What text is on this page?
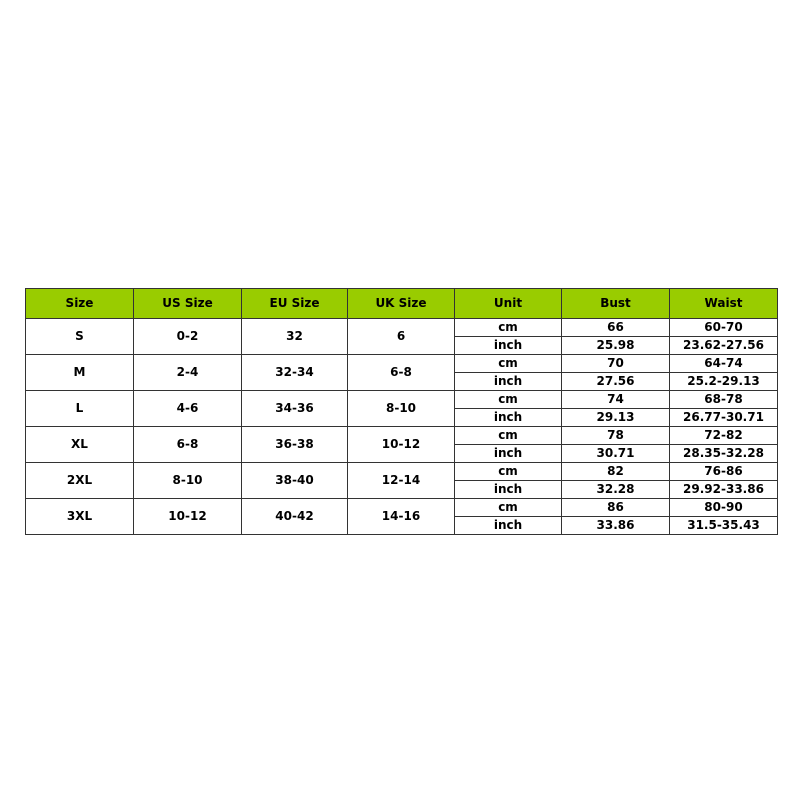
Size	US Size	EU Size	UK Size	Unit	Bust	Waist
S	0-2	32	6	cm	66	60-70
				inch	25.98	23.62-27.56
M	2-4	32-34	6-8	cm	70	64-74
				inch	27.56	25.2-29.13
L	4-6	34-36	8-10	cm	74	68-78
				inch	29.13	26.77-30.71
XL	6-8	36-38	10-12	cm	78	72-82
				inch	30.71	28.35-32.28
2XL	8-10	38-40	12-14	cm	82	76-86
				inch	32.28	29.92-33.86
3XL	10-12	40-42	14-16	cm	86	80-90
				inch	33.86	31.5-35.43
